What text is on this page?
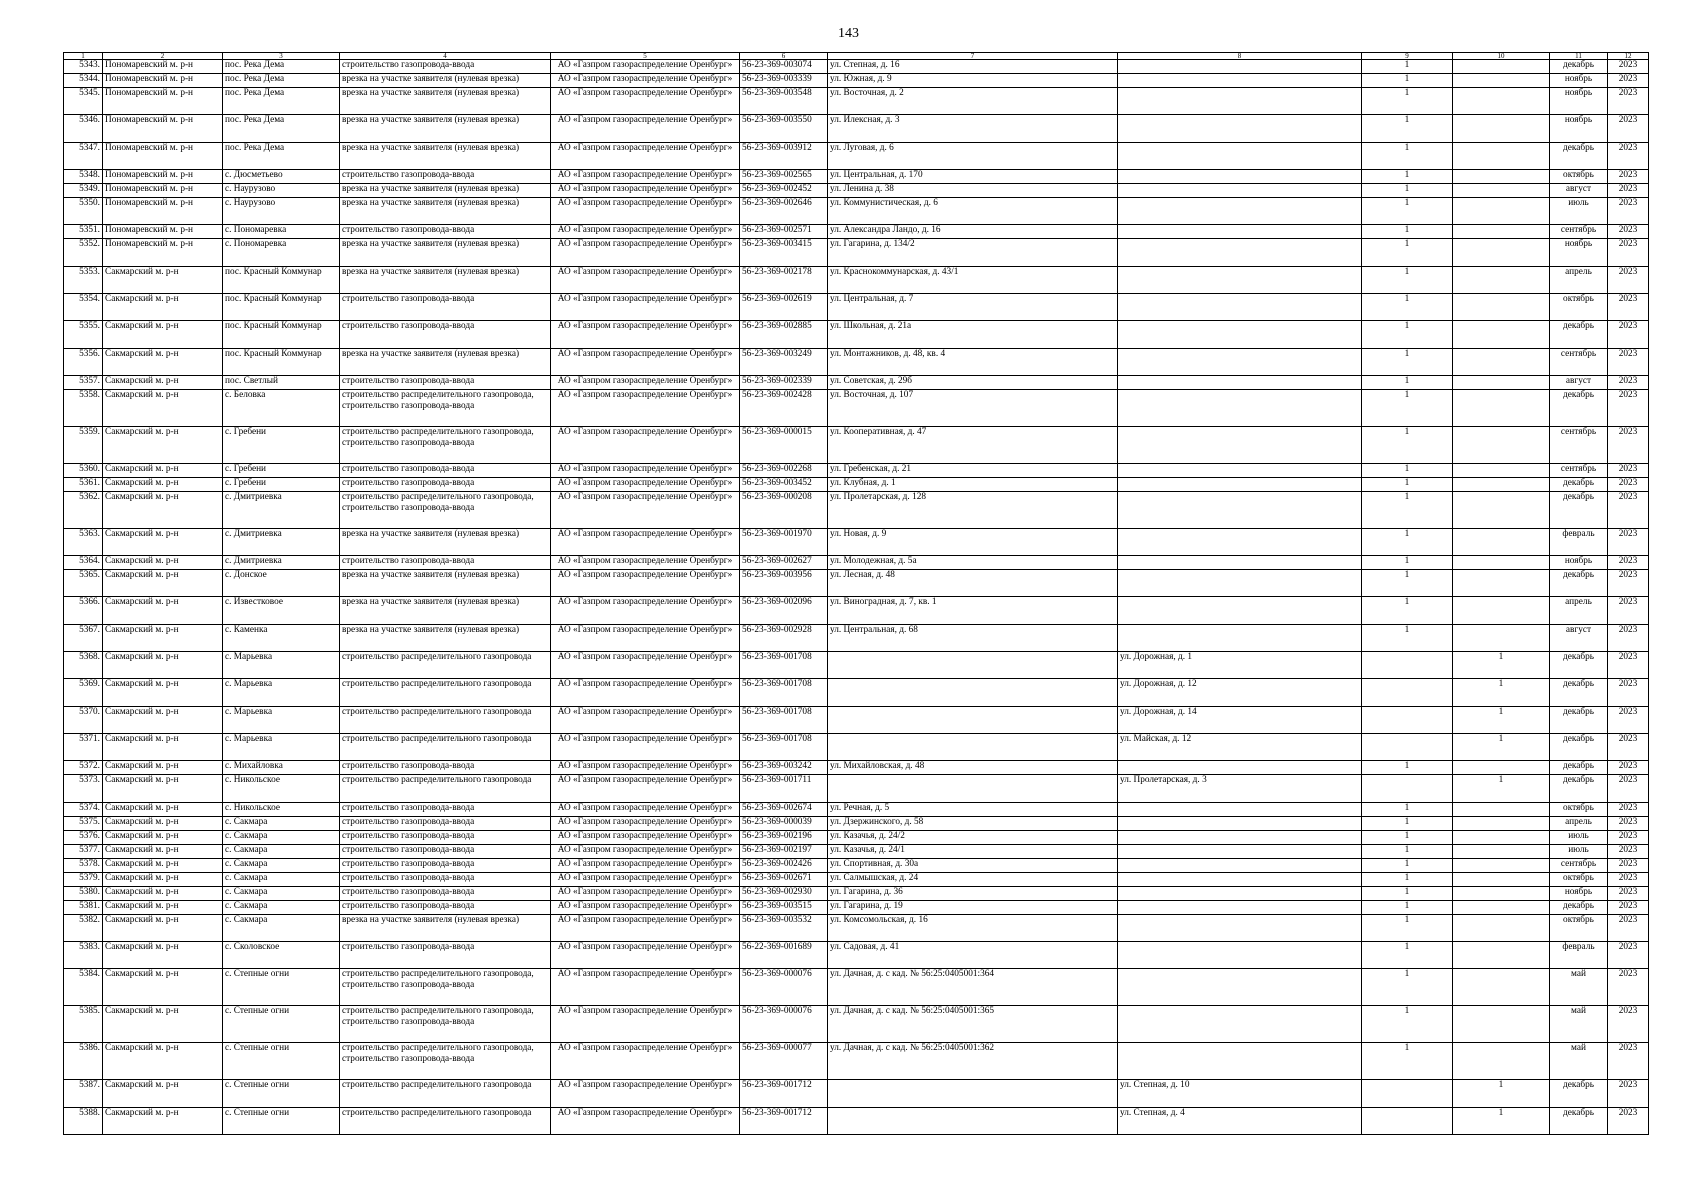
143
1	2	3	4	5	6	7	8	9	10	11	12
5343.	Пономаревский м. р-н	пос. Река Дема	строительство газопровода-ввода	АО «Газпром газораспределение Оренбург»	56-23-369-003074	ул. Степная, д. 16		1		декабрь	2023
5344.	Пономаревский м. р-н	пос. Река Дема	врезка на участке заявителя (нулевая врезка)	АО «Газпром газораспределение Оренбург»	56-23-369-003339	ул. Южная, д. 9		1		ноябрь	2023
5345.	Пономаревский м. р-н	пос. Река Дема	врезка на участке заявителя (нулевая врезка)	АО «Газпром газораспределение Оренбург»	56-23-369-003548	ул. Восточная, д. 2		1		ноябрь	2023
5346.	Пономаревский м. р-н	пос. Река Дема	врезка на участке заявителя (нулевая врезка)	АО «Газпром газораспределение Оренбург»	56-23-369-003550	ул. Илексная, д. 3		1		ноябрь	2023
5347.	Пономаревский м. р-н	пос. Река Дема	врезка на участке заявителя (нулевая врезка)	АО «Газпром газораспределение Оренбург»	56-23-369-003912	ул. Луговая, д. 6		1		декабрь	2023
5348.	Пономаревский м. р-н	с. Дюсметьево	строительство газопровода-ввода	АО «Газпром газораспределение Оренбург»	56-23-369-002565	ул. Центральная, д. 170		1		октябрь	2023
5349.	Пономаревский м. р-н	с. Наурузово	врезка на участке заявителя (нулевая врезка)	АО «Газпром газораспределение Оренбург»	56-23-369-002452	ул. Ленина д. 38		1		август	2023
5350.	Пономаревский м. р-н	с. Наурузово	врезка на участке заявителя (нулевая врезка)	АО «Газпром газораспределение Оренбург»	56-23-369-002646	ул. Коммунистическая, д. 6		1		июль	2023
5351.	Пономаревский м. р-н	с. Пономаревка	строительство газопровода-ввода	АО «Газпром газораспределение Оренбург»	56-23-369-002571	ул. Александра Ландо, д. 16		1		сентябрь	2023
5352.	Пономаревский м. р-н	с. Пономаревка	врезка на участке заявителя (нулевая врезка)	АО «Газпром газораспределение Оренбург»	56-23-369-003415	ул. Гагарина, д. 134/2		1		ноябрь	2023
5353.	Сакмарский м. р-н	пос. Красный Коммунар	врезка на участке заявителя (нулевая врезка)	АО «Газпром газораспределение Оренбург»	56-23-369-002178	ул. Краснокоммунарская, д. 43/1		1		апрель	2023
5354.	Сакмарский м. р-н	пос. Красный Коммунар	строительство газопровода-ввода	АО «Газпром газораспределение Оренбург»	56-23-369-002619	ул. Центральная, д. 7		1		октябрь	2023
5355.	Сакмарский м. р-н	пос. Красный Коммунар	строительство газопровода-ввода	АО «Газпром газораспределение Оренбург»	56-23-369-002885	ул. Школьная, д. 21а		1		декабрь	2023
5356.	Сакмарский м. р-н	пос. Красный Коммунар	врезка на участке заявителя (нулевая врезка)	АО «Газпром газораспределение Оренбург»	56-23-369-003249	ул. Монтажников, д. 48, кв. 4		1		сентябрь	2023
5357.	Сакмарский м. р-н	пос. Светлый	строительство газопровода-ввода	АО «Газпром газораспределение Оренбург»	56-23-369-002339	ул. Советская, д. 29б		1		август	2023
5358.	Сакмарский м. р-н	с. Беловка	строительство распределительного газопровода, строительство газопровода-ввода	АО «Газпром газораспределение Оренбург»	56-23-369-002428	ул. Восточная, д. 107		1		декабрь	2023
5359.	Сакмарский м. р-н	с. Гребени	строительство распределительного газопровода, строительство газопровода-ввода	АО «Газпром газораспределение Оренбург»	56-23-369-000015	ул. Кооперативная, д. 47		1		сентябрь	2023
5360.	Сакмарский м. р-н	с. Гребени	строительство газопровода-ввода	АО «Газпром газораспределение Оренбург»	56-23-369-002268	ул. Гребенская, д. 21		1		сентябрь	2023
5361.	Сакмарский м. р-н	с. Гребени	строительство газопровода-ввода	АО «Газпром газораспределение Оренбург»	56-23-369-003452	ул. Клубная, д. 1		1		декабрь	2023
5362.	Сакмарский м. р-н	с. Дмитриевка	строительство распределительного газопровода, строительство газопровода-ввода	АО «Газпром газораспределение Оренбург»	56-23-369-000208	ул. Пролетарская, д. 128		1		декабрь	2023
5363.	Сакмарский м. р-н	с. Дмитриевка	врезка на участке заявителя (нулевая врезка)	АО «Газпром газораспределение Оренбург»	56-23-369-001970	ул. Новая, д. 9		1		февраль	2023
5364.	Сакмарский м. р-н	с. Дмитриевка	строительство газопровода-ввода	АО «Газпром газораспределение Оренбург»	56-23-369-002627	ул. Молодежная, д. 5а		1		ноябрь	2023
5365.	Сакмарский м. р-н	с. Донское	врезка на участке заявителя (нулевая врезка)	АО «Газпром газораспределение Оренбург»	56-23-369-003956	ул. Лесная, д. 48		1		декабрь	2023
5366.	Сакмарский м. р-н	с. Известковое	врезка на участке заявителя (нулевая врезка)	АО «Газпром газораспределение Оренбург»	56-23-369-002096	ул. Виноградная, д. 7, кв. 1		1		апрель	2023
5367.	Сакмарский м. р-н	с. Каменка	врезка на участке заявителя (нулевая врезка)	АО «Газпром газораспределение Оренбург»	56-23-369-002928	ул. Центральная, д. 68		1		август	2023
5368.	Сакмарский м. р-н	с. Марьевка	строительство распределительного газопровода	АО «Газпром газораспределение Оренбург»	56-23-369-001708		ул. Дорожная, д. 1		1	декабрь	2023
5369.	Сакмарский м. р-н	с. Марьевка	строительство распределительного газопровода	АО «Газпром газораспределение Оренбург»	56-23-369-001708		ул. Дорожная, д. 12		1	декабрь	2023
5370.	Сакмарский м. р-н	с. Марьевка	строительство распределительного газопровода	АО «Газпром газораспределение Оренбург»	56-23-369-001708		ул. Дорожная, д. 14		1	декабрь	2023
5371.	Сакмарский м. р-н	с. Марьевка	строительство распределительного газопровода	АО «Газпром газораспределение Оренбург»	56-23-369-001708		ул. Майская, д. 12		1	декабрь	2023
5372.	Сакмарский м. р-н	с. Михайловка	строительство газопровода-ввода	АО «Газпром газораспределение Оренбург»	56-23-369-003242	ул. Михайловская, д. 48		1		декабрь	2023
5373.	Сакмарский м. р-н	с. Никольское	строительство распределительного газопровода	АО «Газпром газораспределение Оренбург»	56-23-369-001711		ул. Пролетарская, д. 3		1	декабрь	2023
5374.	Сакмарский м. р-н	с. Никольское	строительство газопровода-ввода	АО «Газпром газораспределение Оренбург»	56-23-369-002674	ул. Речная, д. 5		1		октябрь	2023
5375.	Сакмарский м. р-н	с. Сакмара	строительство газопровода-ввода	АО «Газпром газораспределение Оренбург»	56-23-369-000039	ул. Дзержинского, д. 58		1		апрель	2023
5376.	Сакмарский м. р-н	с. Сакмара	строительство газопровода-ввода	АО «Газпром газораспределение Оренбург»	56-23-369-002196	ул. Казачья, д. 24/2		1		июль	2023
5377.	Сакмарский м. р-н	с. Сакмара	строительство газопровода-ввода	АО «Газпром газораспределение Оренбург»	56-23-369-002197	ул. Казачья, д. 24/1		1		июль	2023
5378.	Сакмарский м. р-н	с. Сакмара	строительство газопровода-ввода	АО «Газпром газораспределение Оренбург»	56-23-369-002426	ул. Спортивная, д. 30а		1		сентябрь	2023
5379.	Сакмарский м. р-н	с. Сакмара	строительство газопровода-ввода	АО «Газпром газораспределение Оренбург»	56-23-369-002671	ул. Салмышская, д. 24		1		октябрь	2023
5380.	Сакмарский м. р-н	с. Сакмара	строительство газопровода-ввода	АО «Газпром газораспределение Оренбург»	56-23-369-002930	ул. Гагарина, д. 36		1		ноябрь	2023
5381.	Сакмарский м. р-н	с. Сакмара	строительство газопровода-ввода	АО «Газпром газораспределение Оренбург»	56-23-369-003515	ул. Гагарина, д. 19		1		декабрь	2023
5382.	Сакмарский м. р-н	с. Сакмара	врезка на участке заявителя (нулевая врезка)	АО «Газпром газораспределение Оренбург»	56-23-369-003532	ул. Комсомольская, д. 16		1		октябрь	2023
5383.	Сакмарский м. р-н	с. Сколовское	строительство газопровода-ввода	АО «Газпром газораспределение Оренбург»	56-22-369-001689	ул. Садовая, д. 41		1		февраль	2023
5384.	Сакмарский м. р-н	с. Степные огни	строительство распределительного газопровода, строительство газопровода-ввода	АО «Газпром газораспределение Оренбург»	56-23-369-000076	ул. Дачная, д. с кад. № 56:25:0405001:364		1		май	2023
5385.	Сакмарский м. р-н	с. Степные огни	строительство распределительного газопровода, строительство газопровода-ввода	АО «Газпром газораспределение Оренбург»	56-23-369-000076	ул. Дачная, д. с кад. № 56:25:0405001:365		1		май	2023
5386.	Сакмарский м. р-н	с. Степные огни	строительство распределительного газопровода, строительство газопровода-ввода	АО «Газпром газораспределение Оренбург»	56-23-369-000077	ул. Дачная, д. с кад. № 56:25:0405001:362		1		май	2023
5387.	Сакмарский м. р-н	с. Степные огни	строительство распределительного газопровода	АО «Газпром газораспределение Оренбург»	56-23-369-001712		ул. Степная, д. 10		1	декабрь	2023
5388.	Сакмарский м. р-н	с. Степные огни	строительство распределительного газопровода	АО «Газпром газораспределение Оренбург»	56-23-369-001712		ул. Степная, д. 4		1	декабрь	2023
